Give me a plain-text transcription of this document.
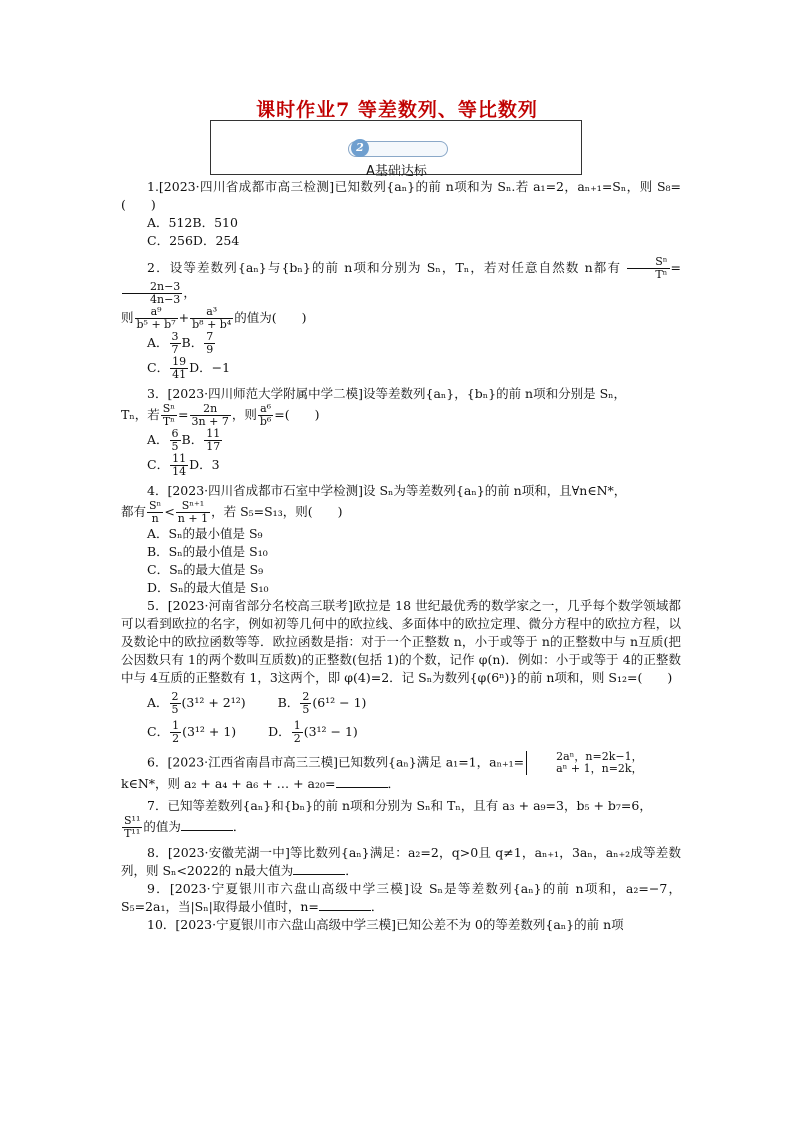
课时作业7 等差数列、等比数列
2
A基础达标

1.[2023·四川省成都市高三检测]已知数列{aₙ}的前 n项和为 Sₙ.若 a₁=2，aₙ₊₁=Sₙ，则 S₈=(　　)

A．512B．510

C．256D．254

2．设等差数列{aₙ}与{bₙ}的前 n项和分别为 Sₙ，Tₙ，若对任意自然数 n都有 $\frac{\text{Sⁿ}}{\text{Tⁿ}}$ =
$\frac{2n-3}{4n-3}$ ，

则 $\frac{\text{a⁹}}{\text{b⁵ + b⁷}} + \frac{\text{a³}}{\text{b⁸ + b⁴}}$ 的值为(　　)

A． $\frac{3}{7}$ B． $\frac{7}{9}$

C． $\frac{19}{41}$ D．−1

3．[2023·四川师范大学附属中学二模]设等差数列{aₙ}，{bₙ}的前 n项和分别是 Sₙ，

Tₙ，若 $\frac{\text{Sⁿ}}{\text{Tⁿ}} = \frac{2n}{3n + 7}$ ，则 $\frac{\text{a⁶}}{\text{b⁶}}$ =(　　)

A． $\frac{6}{5}$ B． $\frac{11}{17}$

C． $\frac{11}{14}$ D．3

4．[2023·四川省成都市石室中学检测]设 Sₙ为等差数列{aₙ}的前 n项和，且∀n∈N*，

都有 $\frac{\text{Sⁿ}}{n} < \frac{\text{Sⁿ⁺¹}}{n + 1}$ ，若 S₅=S₁₃，则(　　)

A．Sₙ的最小值是 S₉

B．Sₙ的最小值是 S₁₀

C．Sₙ的最大值是 S₉

D．Sₙ的最大值是 S₁₀

5．[2023·河南省部分名校高三联考]欧拉是 18 世纪最优秀的数学家之一，几乎每个数学领域都可以看到欧拉的名字，例如初等几何中的欧拉线、多面体中的欧拉定理、微分方程中的欧拉方程，以及数论中的欧拉函数等等．欧拉函数是指：对于一个正整数 n，小于或等于 n的正整数中与 n互质(把公因数只有 1的两个数叫互质数)的正整数(包括 1)的个数，记作 φ(n)．例如：小于或等于 4的正整数中与 4互质的正整数有 1，3这两个，即 φ(4)=2．记 Sₙ为数列{φ(6ⁿ)}的前 n项和，则 S₁₂=(　　)

A． $\frac{2}{5} (3^{12} + 2^{12})$	B． $\frac{2}{5} (6^{12} - 1)$

C． $\frac{1}{2} (3^{12} + 1)$	D． $\frac{1}{2} (3^{12} - 1)$

6．[2023·江西省南昌市高三三模]已知数列{aₙ}满足 a₁=1，aₙ₊₁=	2aⁿ，n=2k−1，
aⁿ + 1，n=2k，

k∈N*，则 a₂ + a₄ + a₆ + … + a₂₀=	．

7．已知等差数列{aₙ}和{bₙ}的前 n项和分别为 Sₙ和 Tₙ，且有 a₃ + a₉=3，b₅ + b₇=6，

$\frac{\text{S¹¹}}{\text{T¹¹}}$ 的值为	．

8．[2023·安徽芜湖一中]等比数列{aₙ}满足：a₂=2，q>0且 q≠1，aₙ₊₁，3aₙ，aₙ₊₂成等差数列，则 Sₙ<2022的 n最大值为	．

9．[2023·宁夏银川市六盘山高级中学三模]设 Sₙ是等差数列{aₙ}的前 n项和，a₂=−7，S₅=2a₁，当|Sₙ|取得最小值时，n=	．

10．[2023·宁夏银川市六盘山高级中学三模]已知公差不为 0的等差数列{aₙ}的前 n项
